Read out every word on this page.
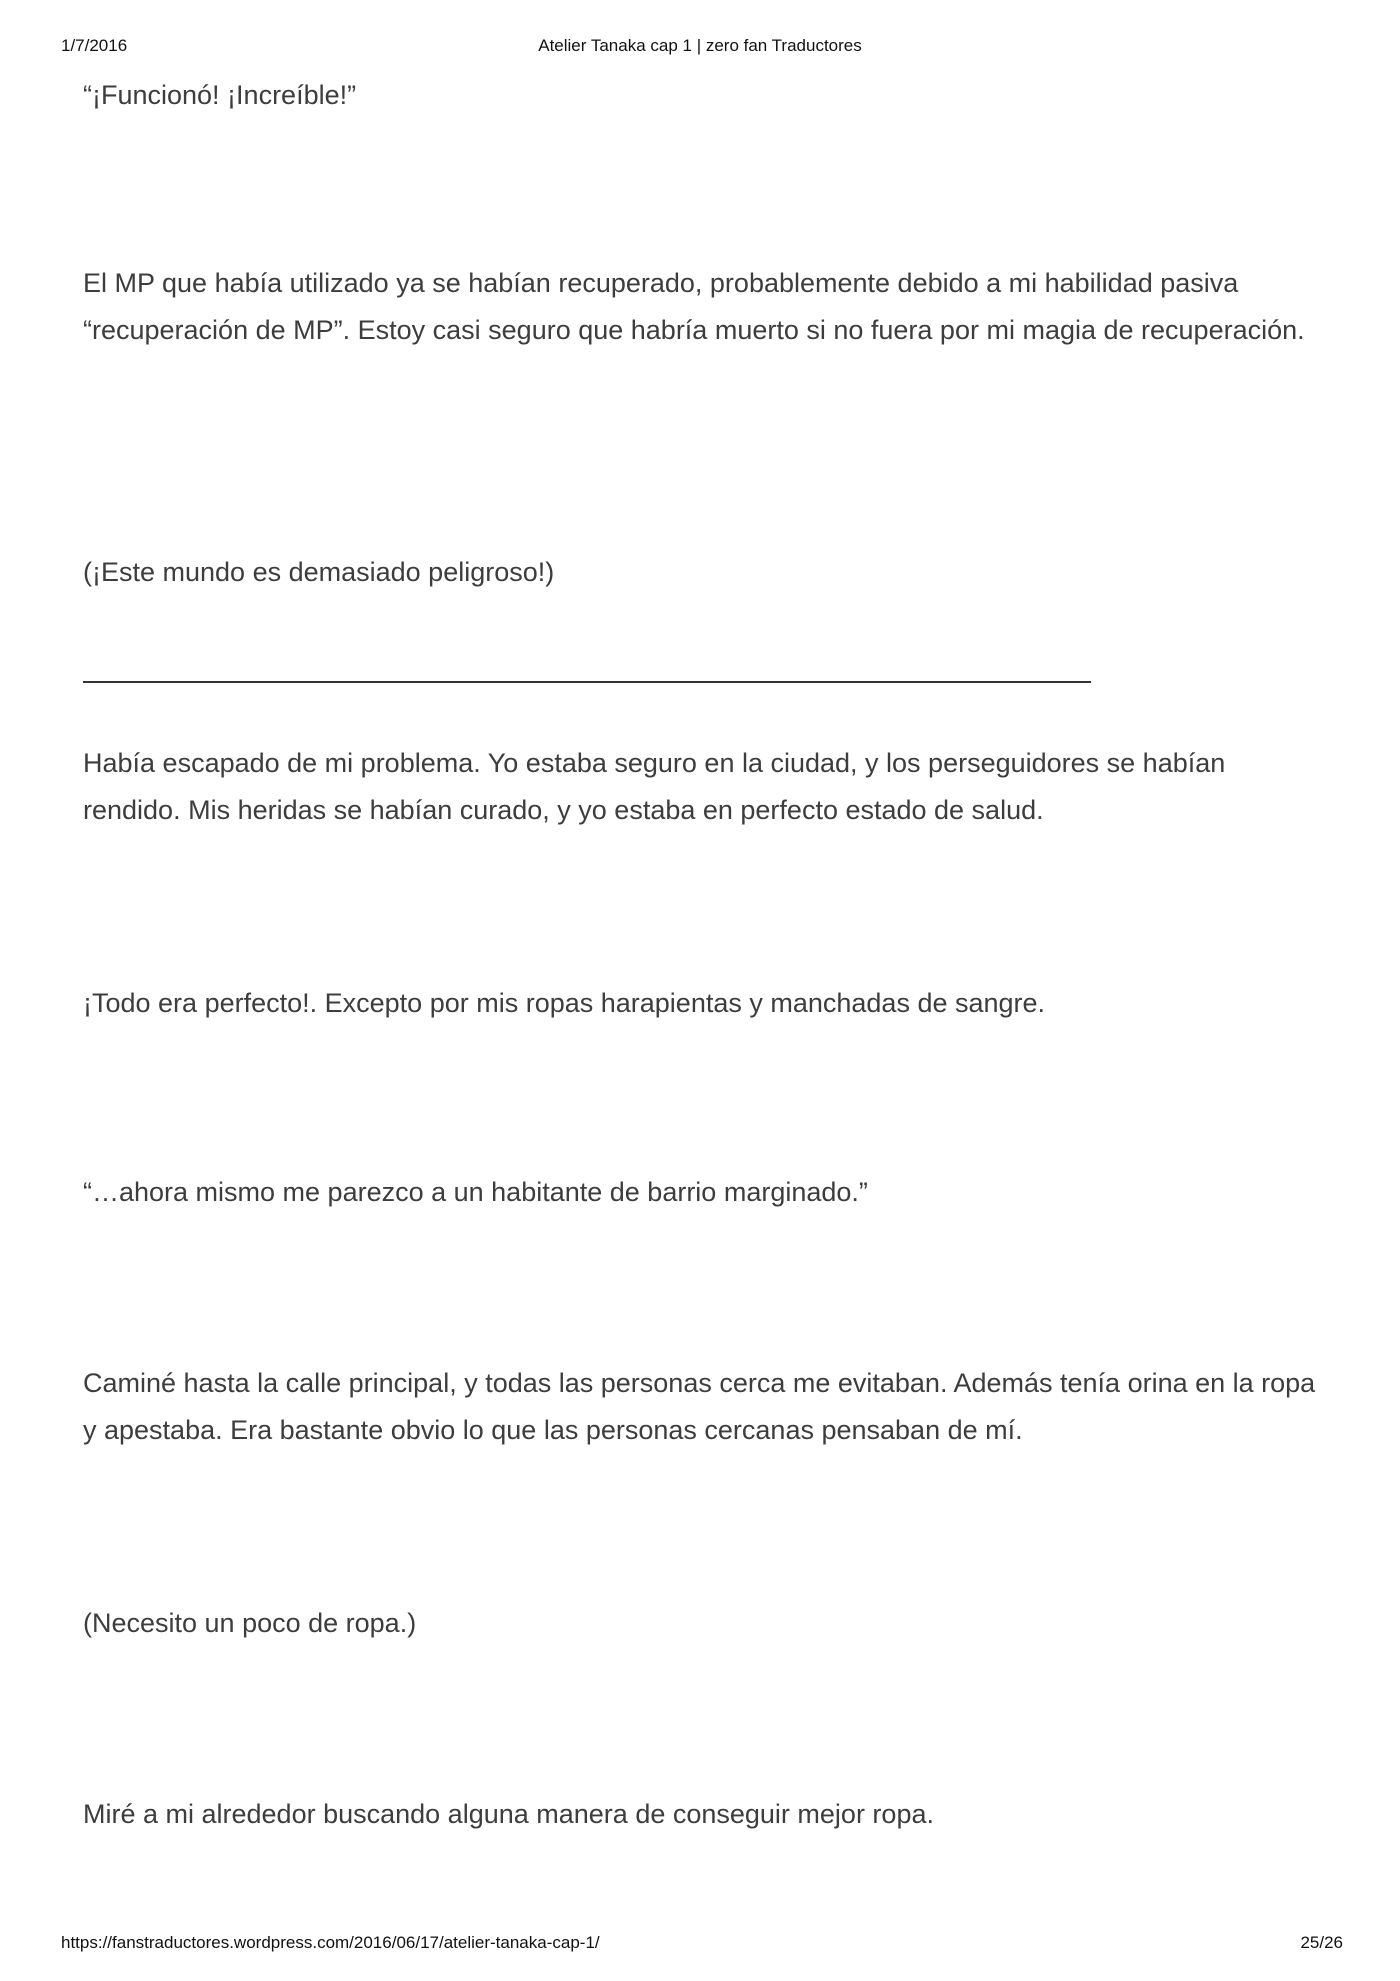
Atelier Tanaka cap 1 | zero fan Traductores
1/7/2016

“¡Funcionó! ¡Increíble!”

El MP que había utilizado ya se habían recuperado, probablemente debido a mi habilidad pasiva “recuperación de MP”. Estoy casi seguro que habría muerto si no fuera por mi magia de recuperación.

(¡Este mundo es demasiado peligroso!)

Había escapado de mi problema. Yo estaba seguro en la ciudad, y los perseguidores se habían rendido. Mis heridas se habían curado, y yo estaba en perfecto estado de salud.

¡Todo era perfecto!. Excepto por mis ropas harapientas y manchadas de sangre.

“…ahora mismo me parezco a un habitante de barrio marginado.”

Caminé hasta la calle principal, y todas las personas cerca me evitaban. Además tenía orina en la ropa y apestaba. Era bastante obvio lo que las personas cercanas pensaban de mí.

(Necesito un poco de ropa.)

Miré a mi alrededor buscando alguna manera de conseguir mejor ropa.

https://fanstraductores.wordpress.com/2016/06/17/atelier-tanaka-cap-1/	25/26
